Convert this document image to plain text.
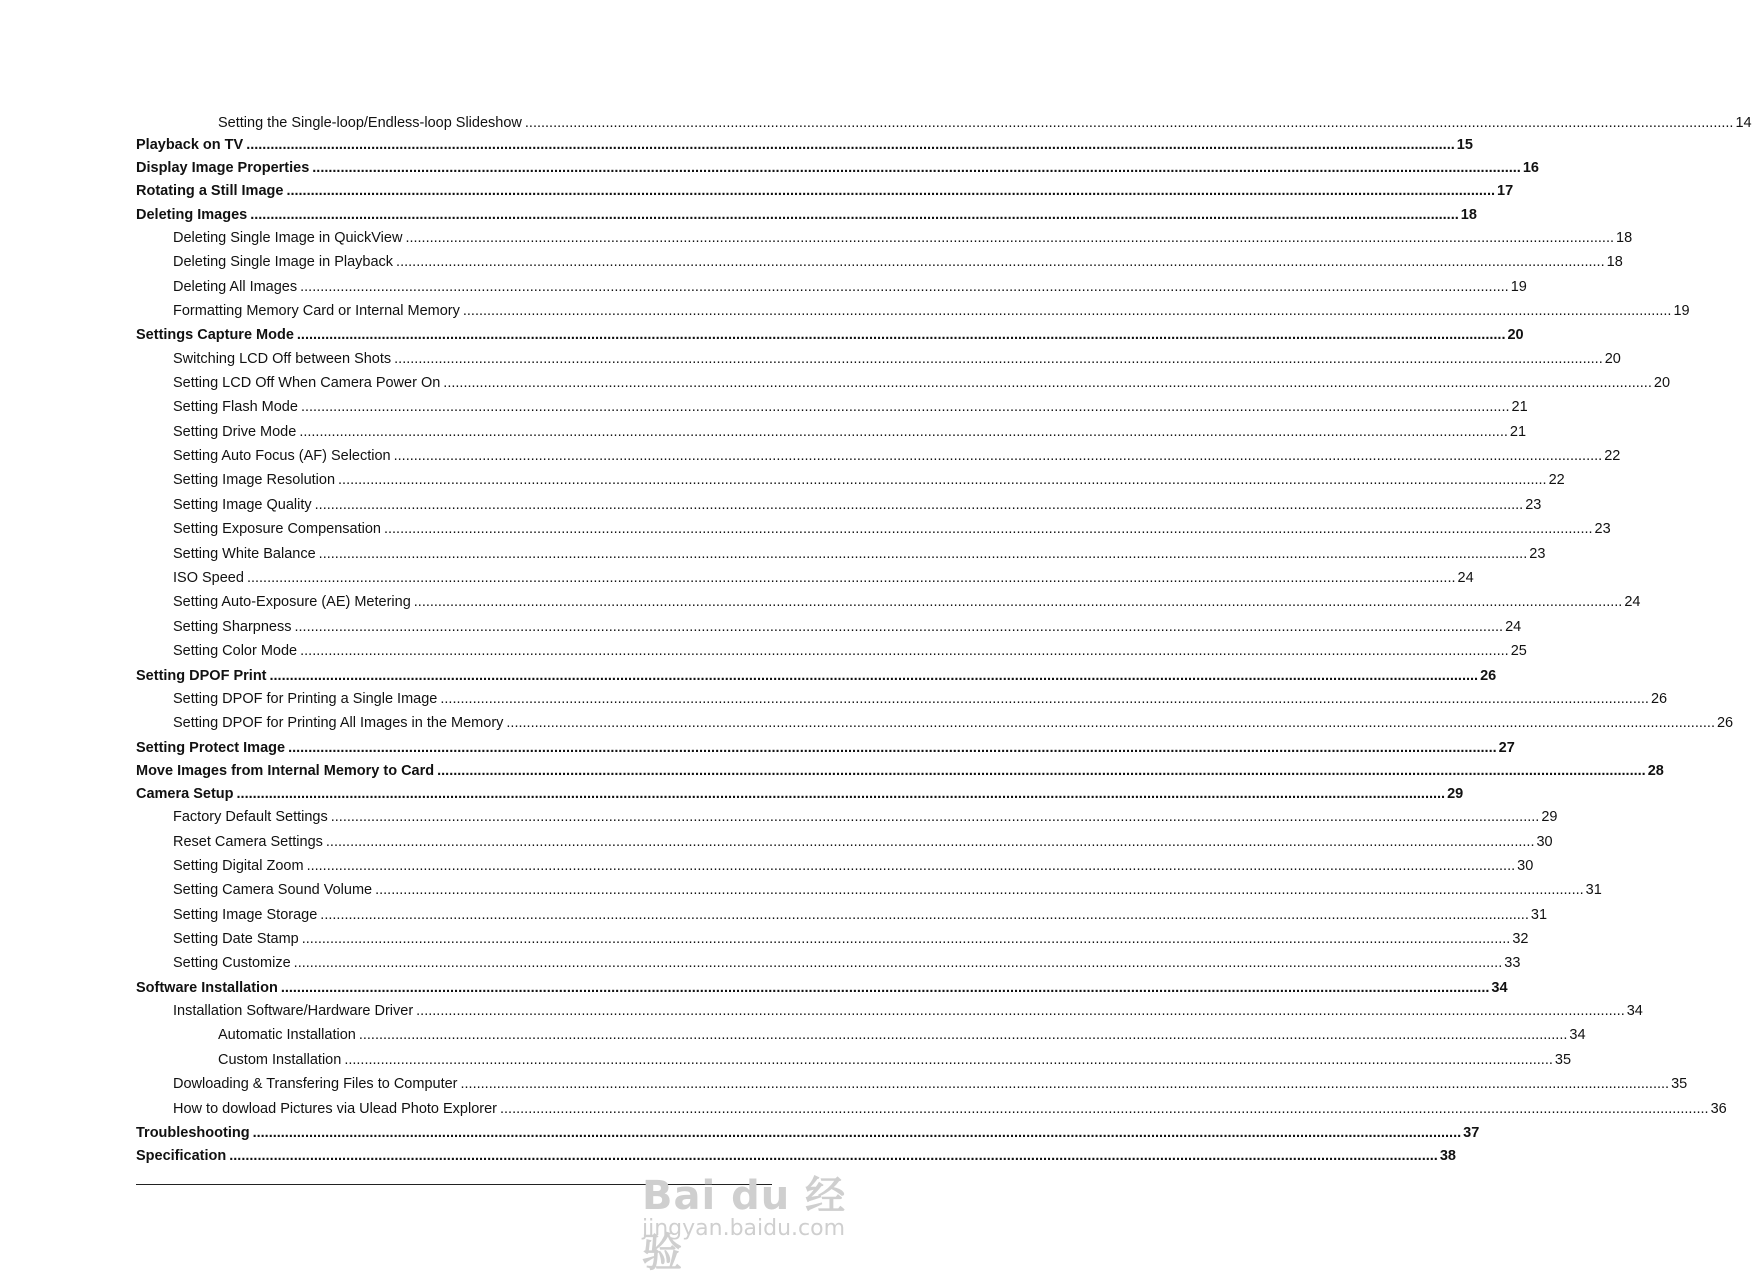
Setting the Single-loop/Endless-loop Slideshow ............................................................................................................................................................................................................................................................................................................ 14
Playback on TV ............................................................................................................................................................................................................................................................................................................ 15
Display Image Properties ............................................................................................................................................................................................................................................................................................................ 16
Rotating a Still Image ............................................................................................................................................................................................................................................................................................................ 17
Deleting Images ............................................................................................................................................................................................................................................................................................................ 18
Deleting Single Image in QuickView ............................................................................................................................................................................................................................................................................................................ 18
Deleting Single Image in Playback ............................................................................................................................................................................................................................................................................................................ 18
Deleting All Images ............................................................................................................................................................................................................................................................................................................ 19
Formatting Memory Card or Internal Memory ............................................................................................................................................................................................................................................................................................................ 19
Settings Capture Mode ............................................................................................................................................................................................................................................................................................................ 20
Switching LCD Off between Shots ............................................................................................................................................................................................................................................................................................................ 20
Setting LCD Off When Camera Power On ............................................................................................................................................................................................................................................................................................................ 20
Setting Flash Mode ............................................................................................................................................................................................................................................................................................................ 21
Setting Drive Mode ............................................................................................................................................................................................................................................................................................................ 21
Setting Auto Focus (AF) Selection ............................................................................................................................................................................................................................................................................................................ 22
Setting Image Resolution ............................................................................................................................................................................................................................................................................................................ 22
Setting Image Quality ............................................................................................................................................................................................................................................................................................................ 23
Setting Exposure Compensation ............................................................................................................................................................................................................................................................................................................ 23
Setting White Balance ............................................................................................................................................................................................................................................................................................................ 23
ISO Speed ............................................................................................................................................................................................................................................................................................................ 24
Setting Auto-Exposure (AE) Metering ............................................................................................................................................................................................................................................................................................................ 24
Setting Sharpness ............................................................................................................................................................................................................................................................................................................ 24
Setting Color Mode ............................................................................................................................................................................................................................................................................................................ 25
Setting DPOF Print ............................................................................................................................................................................................................................................................................................................ 26
Setting DPOF for Printing a Single Image ............................................................................................................................................................................................................................................................................................................ 26
Setting DPOF for Printing All Images in the Memory ............................................................................................................................................................................................................................................................................................................ 26
Setting Protect Image ............................................................................................................................................................................................................................................................................................................ 27
Move Images from Internal Memory to Card ............................................................................................................................................................................................................................................................................................................ 28
Camera Setup ............................................................................................................................................................................................................................................................................................................ 29
Factory Default Settings ............................................................................................................................................................................................................................................................................................................ 29
Reset Camera Settings ............................................................................................................................................................................................................................................................................................................ 30
Setting Digital Zoom ............................................................................................................................................................................................................................................................................................................ 30
Setting Camera Sound Volume ............................................................................................................................................................................................................................................................................................................ 31
Setting Image Storage ............................................................................................................................................................................................................................................................................................................ 31
Setting Date Stamp ............................................................................................................................................................................................................................................................................................................ 32
Setting Customize ............................................................................................................................................................................................................................................................................................................ 33
Software Installation ............................................................................................................................................................................................................................................................................................................ 34
Installation Software/Hardware Driver ............................................................................................................................................................................................................................................................................................................ 34
Automatic Installation ............................................................................................................................................................................................................................................................................................................ 34
Custom Installation ............................................................................................................................................................................................................................................................................................................ 35
Dowloading & Transfering Files to Computer ............................................................................................................................................................................................................................................................................................................ 35
How to dowload Pictures via Ulead Photo Explorer ............................................................................................................................................................................................................................................................................................................ 36
Troubleshooting ............................................................................................................................................................................................................................................................................................................ 37
Specification ............................................................................................................................................................................................................................................................................................................ 38
Bai du 经验
jingyan.baidu.com
